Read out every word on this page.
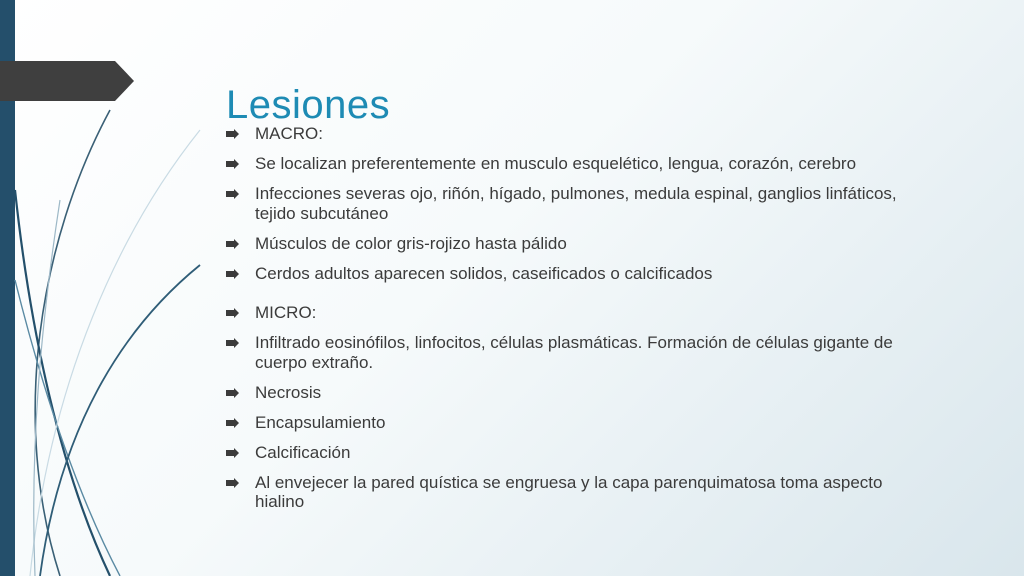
Lesiones
MACRO:
Se localizan preferentemente en musculo esquelético, lengua, corazón, cerebro
Infecciones severas ojo, riñón, hígado, pulmones, medula espinal, ganglios linfáticos, tejido subcutáneo
Músculos de color gris-rojizo hasta pálido
Cerdos adultos aparecen solidos, caseificados o calcificados
MICRO:
Infiltrado eosinófilos, linfocitos, células plasmáticas. Formación de células gigante de cuerpo extraño.
Necrosis
Encapsulamiento
Calcificación
Al envejecer la pared quística se engruesa y la capa parenquimatosa toma aspecto hialino
